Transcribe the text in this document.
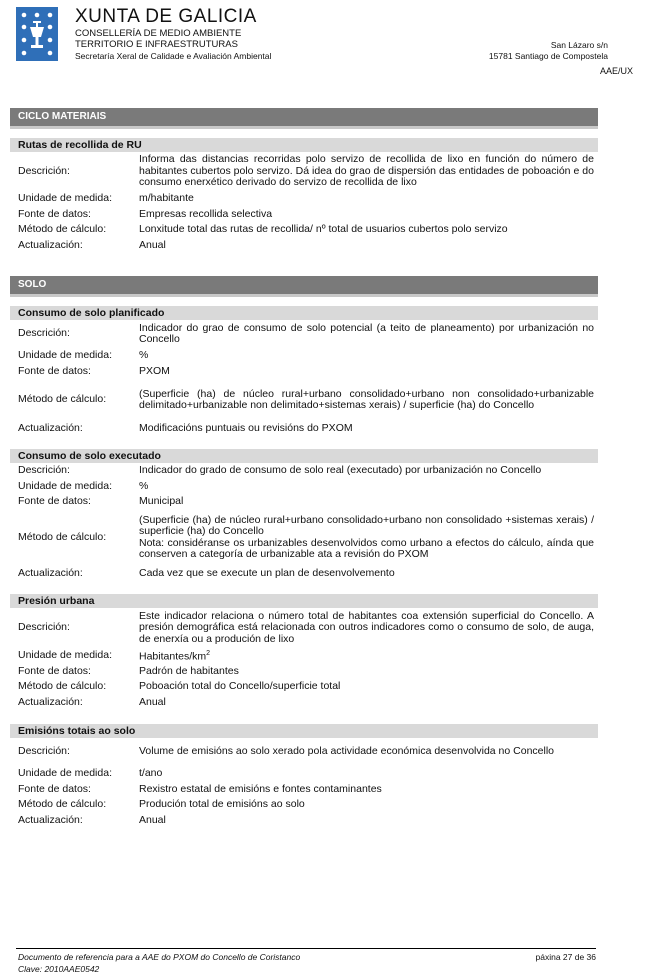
XUNTA DE GALICIA
CONSELLERÍA DE MEDIO AMBIENTE
TERRITORIO E INFRAESTRUTURAS
Secretaría Xeral de Calidade e Avaliación Ambiental
San Lázaro s/n
15781 Santiago de Compostela
AAE/UX
CICLO MATERIAIS
Rutas de recollida de RU
Descrición:
Informa das distancias recorridas polo servizo de recollida de lixo en función do número de habitantes cubertos polo servizo. Dá idea do grao de dispersión das entidades de poboación e do consumo enerxético derivado do servizo de recollida de lixo
Unidade de medida:	m/habitante
Fonte de datos:	Empresas recollida selectiva
Método de cálculo:	Lonxitude total das rutas de recollida/ nº total de usuarios cubertos polo servizo
Actualización:	Anual
SOLO
Consumo de solo planificado
Descrición:	Indicador do grao de consumo de solo potencial (a teito de planeamento) por urbanización no Concello
Unidade de medida:	%
Fonte de datos:	PXOM
Método de cálculo:	(Superficie (ha) de núcleo rural+urbano consolidado+urbano non consolidado+urbanizable delimitado+urbanizable non delimitado+sistemas xerais) / superficie (ha) do Concello
Actualización:	Modificacións puntuais ou revisións do PXOM
Consumo de solo executado
Descrición:	Indicador do grado de consumo de solo real (executado) por urbanización no Concello
Unidade de medida:	%
Fonte de datos:	Municipal
Método de cálculo:
(Superficie (ha) de núcleo rural+urbano consolidado+urbano non consolidado +sistemas xerais) / superficie (ha) do Concello
Nota: considéranse os urbanizables desenvolvidos como urbano a efectos do cálculo, aínda que conserven a categoría de urbanizable ata a revisión do PXOM
Actualización:	Cada vez que se execute un plan de desenvolvemento
Presión urbana
Descrición:
Este indicador relaciona o número total de habitantes coa extensión superficial do Concello. A presión demográfica está relacionada con outros indicadores como o consumo de solo, de auga, de enerxía ou a produción de lixo
Unidade de medida:	Habitantes/$km^2$
Fonte de datos:	Padrón de habitantes
Método de cálculo:	Poboación total do Concello/superficie total
Actualización:	Anual
Emisións totais ao solo
Descrición:	Volume de emisións ao solo xerado pola actividade económica desenvolvida no Concello
Unidade de medida:	t/ano
Fonte de datos:	Rexistro estatal de emisións e fontes contaminantes
Método de cálculo:	Produción total de emisións ao solo
Actualización:	Anual
Documento de referencia para a AAE do PXOM do Concello de Coristanco
Clave: 2010AAE0542
páxina 27 de 36
